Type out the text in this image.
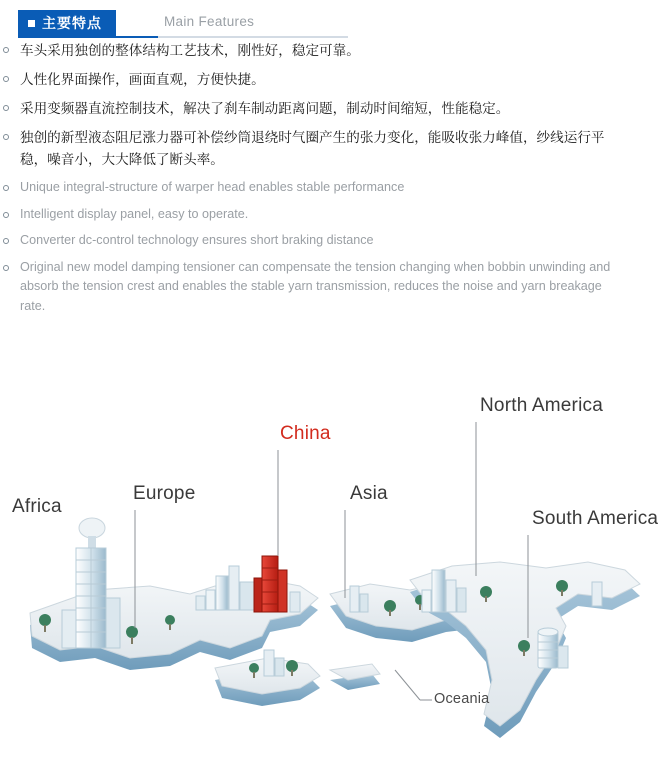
主要特点	Main Features
车头采用独创的整体结构工艺技术，刚性好，稳定可靠。
人性化界面操作，画面直观，方便快捷。
采用变频器直流控制技术，解决了刹车制动距离问题，制动时间缩短，性能稳定。
独创的新型液态阻尼涨力器可补偿纱筒退绕时气圈产生的张力变化，能吸收张力峰值，纱线运行平稳，噪音小，大大降低了断头率。
Unique integral-structure of warper head enables stable performance
Intelligent display panel, easy to operate.
Converter dc-control technology ensures short braking distance
Original new model damping tensioner can compensate the tension changing when bobbin unwinding and absorb the tension crest and enables the stable yarn transmission, reduces the noise and yarn breakage rate.
Africa
Europe
China
Asia
North America
South America
Oceania
